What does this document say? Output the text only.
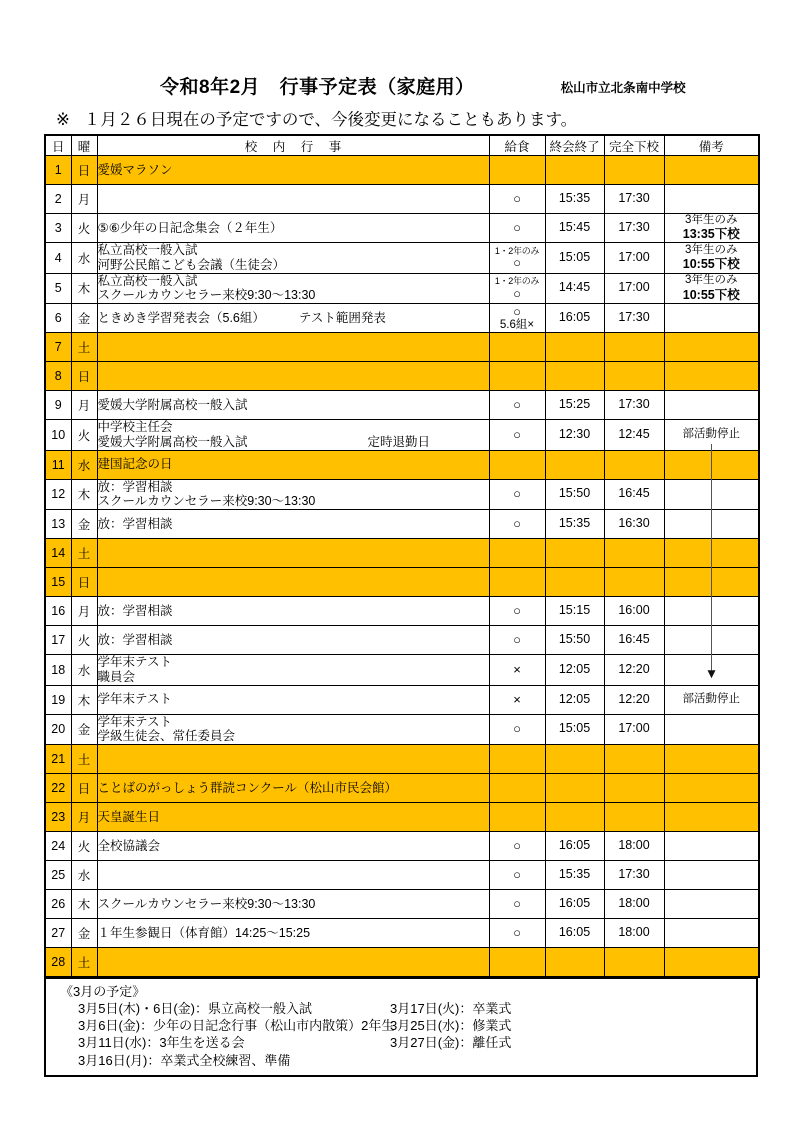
令和8年2月　行事予定表（家庭用）	松山市立北条南中学校
※ １月２６日現在の予定ですので、今後変更になることもあります。
日	曜	校 内 行 事	給食	終会終了	完全下校	備考
1	日	愛媛マラソン				

2	月		○	15:35	17:30	
3	火	⑤⑥少年の日記念集会（２年生）	○	15:45	17:30	3年生のみ
13:35下校

4	水	私立高校一般入試
河野公民館こども会議（生徒会）	1・2年のみ
○	15:05	17:00	3年生のみ
10:55下校

5	木	私立高校一般入試
スクールカウンセラー来校9:30～13:30	1・2年のみ
○	14:45	17:00	3年生のみ
10:55下校

6	金	ときめき学習発表会（5.6組） テスト範囲発表	○
5.6組×	16:05	17:30	
7	土					
8	日					
9	月	愛媛大学附属高校一般入試	○	15:25	17:30	
10	火	中学校主任会
愛媛大学附属高校一般入試 定時退勤日	○	12:30	12:45	部活動停止

11	水	建国記念の日				

12	木	放：学習相談
スクールカウンセラー来校9:30～13:30	○	15:50	16:45	
13	金	放：学習相談	○	15:35	16:30	
14	土					
15	日					
16	月	放：学習相談	○	15:15	16:00	
17	火	放：学習相談	○	15:50	16:45	
18	水	学年末テスト
職員会	×	12:05	12:20	
19	木	学年末テスト	×	12:05	12:20	部活動停止

20	金	学年末テスト
学級生徒会、常任委員会	○	15:05	17:00	
21	土					
22	日	ことばのがっしょう群読コンクール（松山市民会館）				

23	月	天皇誕生日				

24	火	全校協議会	○	16:05	18:00	
25	水		○	15:35	17:30	
26	木	スクールカウンセラー来校9:30～13:30	○	16:05	18:00	
27	金	１年生参観日（体育館）14:25～15:25	○	16:05	18:00	
28	土					
《3月の予定》
3月5日(木)・6日(金)：県立高校一般入試	3月17日(火)：卒業式
3月6日(金)：少年の日記念行事（松山市内散策）2年生3月25日(水)：修業式
3月11日(水)：3年生を送る会	3月27日(金)：離任式
3月16日(月)：卒業式全校練習、準備
